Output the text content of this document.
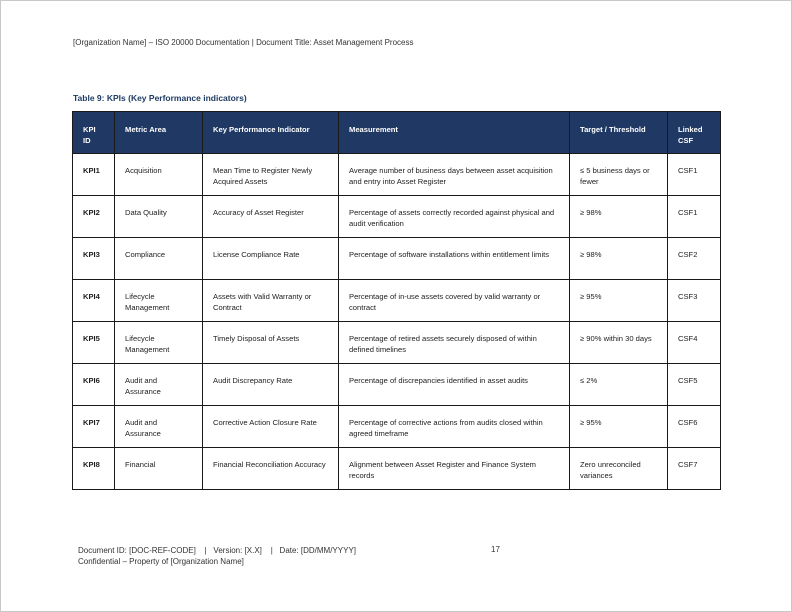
[Organization Name] – ISO 20000 Documentation | Document Title: Asset Management Process
Table 9: KPIs (Key Performance indicators)
KPI ID	Metric Area	Key Performance Indicator	Measurement	Target / Threshold	Linked CSF
KPI1	Acquisition	Mean Time to Register Newly Acquired Assets	Average number of business days between asset acquisition and entry into Asset Register	≤ 5 business days or fewer	CSF1
KPI2	Data Quality	Accuracy of Asset Register	Percentage of assets correctly recorded against physical and audit verification	≥ 98%	CSF1
KPI3	Compliance	License Compliance Rate	Percentage of software installations within entitlement limits	≥ 98%	CSF2
KPI4	Lifecycle Management	Assets with Valid Warranty or Contract	Percentage of in-use assets covered by valid warranty or contract	≥ 95%	CSF3
KPI5	Lifecycle Management	Timely Disposal of Assets	Percentage of retired assets securely disposed of within defined timelines	≥ 90% within 30 days	CSF4
KPI6	Audit and Assurance	Audit Discrepancy Rate	Percentage of discrepancies identified in asset audits	≤ 2%	CSF5
KPI7	Audit and Assurance	Corrective Action Closure Rate	Percentage of corrective actions from audits closed within agreed timeframe	≥ 95%	CSF6
KPI8	Financial	Financial Reconciliation Accuracy	Alignment between Asset Register and Finance System records	Zero unreconciled variances	CSF7
Document ID: [DOC-REF-CODE]    |   Version: [X.X]    |   Date: [DD/MM/YYYY]
Confidential – Property of [Organization Name]
17
